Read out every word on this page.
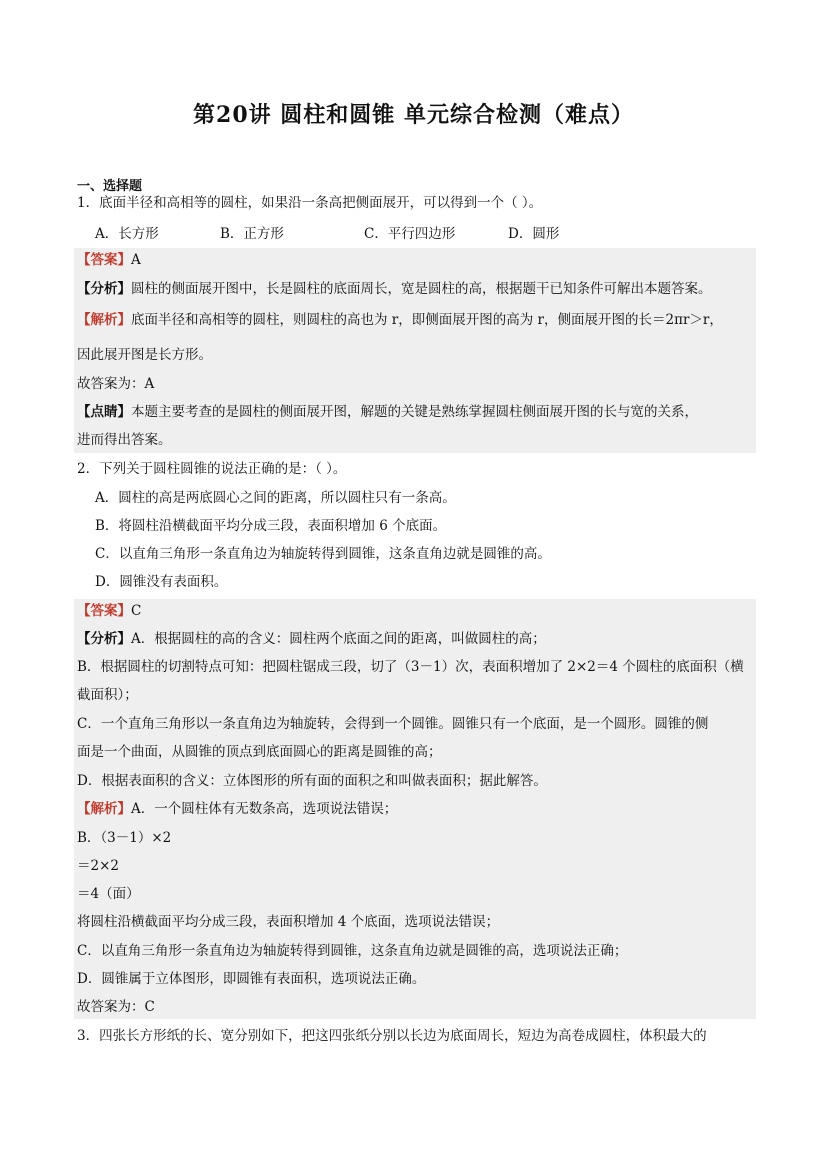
第20讲 圆柱和圆锥 单元综合检测（难点）
一、选择题
1．底面半径和高相等的圆柱，如果沿一条高把侧面展开，可以得到一个（ ）。
A．长方形	B．正方形	C．平行四边形	D．圆形
【答案】A
【分析】圆柱的侧面展开图中，长是圆柱的底面周长，宽是圆柱的高，根据题干已知条件可解出本题答案。
【解析】底面半径和高相等的圆柱，则圆柱的高也为 r，即侧面展开图的高为 r，侧面展开图的长＝2πr＞r，
因此展开图是长方形。
故答案为：A
【点睛】本题主要考查的是圆柱的侧面展开图，解题的关键是熟练掌握圆柱侧面展开图的长与宽的关系，
进而得出答案。
2．下列关于圆柱圆锥的说法正确的是：（ ）。
A．圆柱的高是两底圆心之间的距离，所以圆柱只有一条高。
B．将圆柱沿横截面平均分成三段，表面积增加 6 个底面。
C．以直角三角形一条直角边为轴旋转得到圆锥，这条直角边就是圆锥的高。
D．圆锥没有表面积。
【答案】C
【分析】A．根据圆柱的高的含义：圆柱两个底面之间的距离，叫做圆柱的高；
B．根据圆柱的切割特点可知：把圆柱锯成三段，切了（3－1）次，表面积增加了 2×2＝4 个圆柱的底面积（横
截面积）；
C．一个直角三角形以一条直角边为轴旋转，会得到一个圆锥。圆锥只有一个底面，是一个圆形。圆锥的侧
面是一个曲面，从圆锥的顶点到底面圆心的距离是圆锥的高；
D．根据表面积的含义：立体图形的所有面的面积之和叫做表面积；据此解答。
【解析】A．一个圆柱体有无数条高，选项说法错误；
B．（3－1）×2
＝2×2
＝4（面）
将圆柱沿横截面平均分成三段，表面积增加 4 个底面，选项说法错误；
C．以直角三角形一条直角边为轴旋转得到圆锥，这条直角边就是圆锥的高，选项说法正确；
D．圆锥属于立体图形，即圆锥有表面积，选项说法正确。
故答案为：C
3．四张长方形纸的长、宽分别如下，把这四张纸分别以长边为底面周长，短边为高卷成圆柱，体积最大的
